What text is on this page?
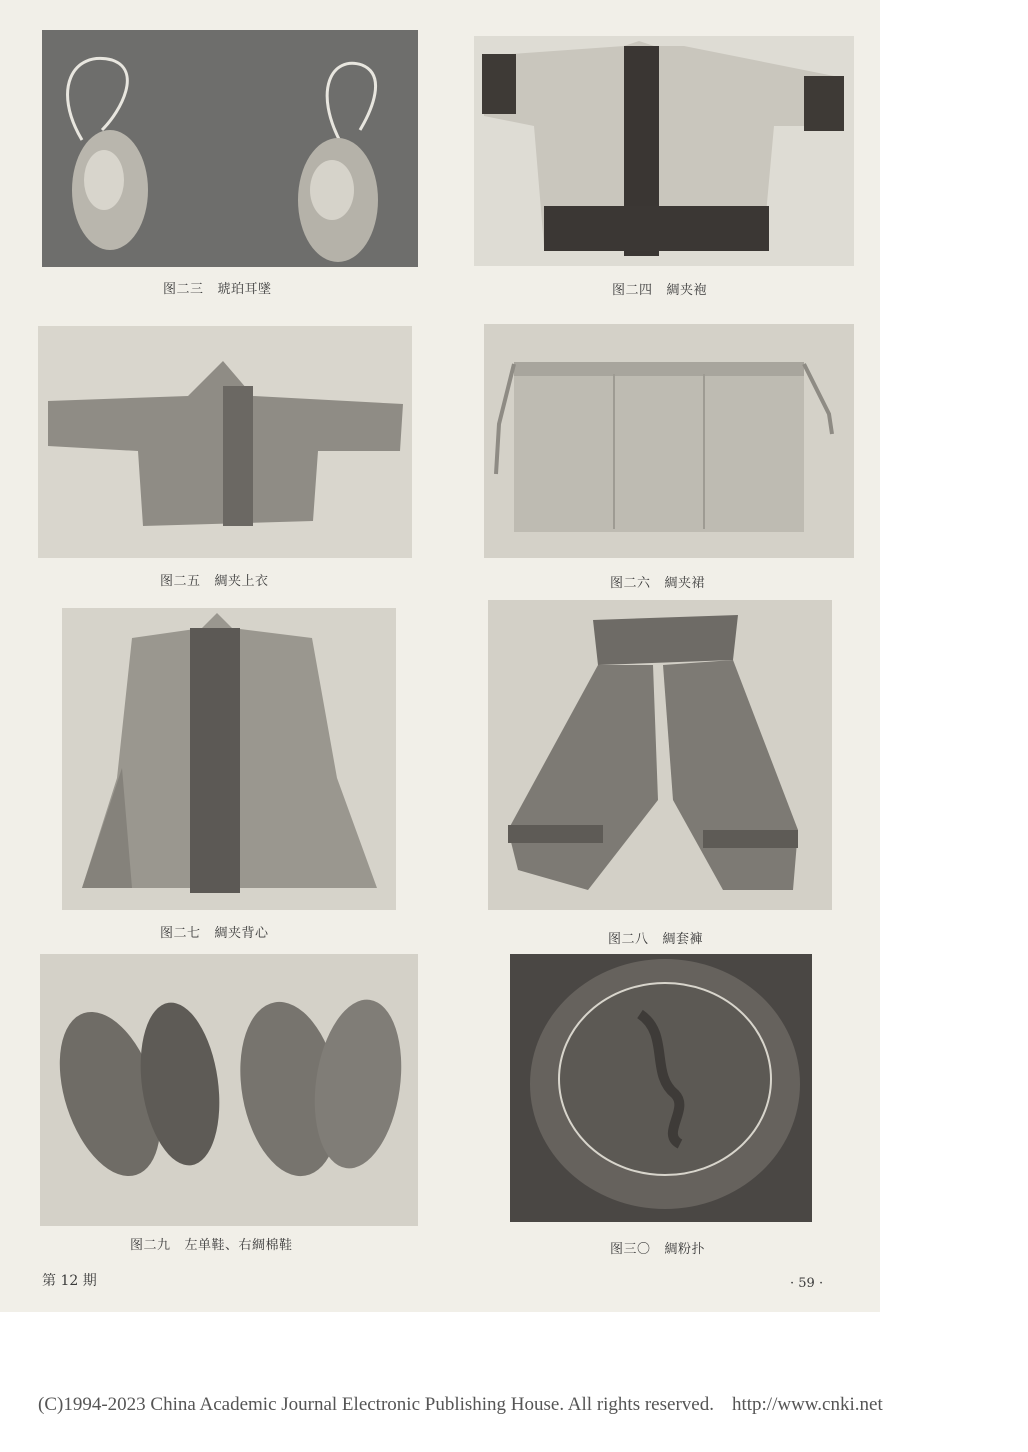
图二三 琥珀耳墜	图二四 綢夹袍
图二五 綢夹上衣	图二六 綢夹裙
图二七 綢夹背心	图二八 綢套褲
图二九 左单鞋、右綢棉鞋	图三〇 綢粉扑
第 12 期	· 59 ·
(C)1994-2023 China Academic Journal Electronic Publishing House. All rights reserved. http://www.cnki.net
